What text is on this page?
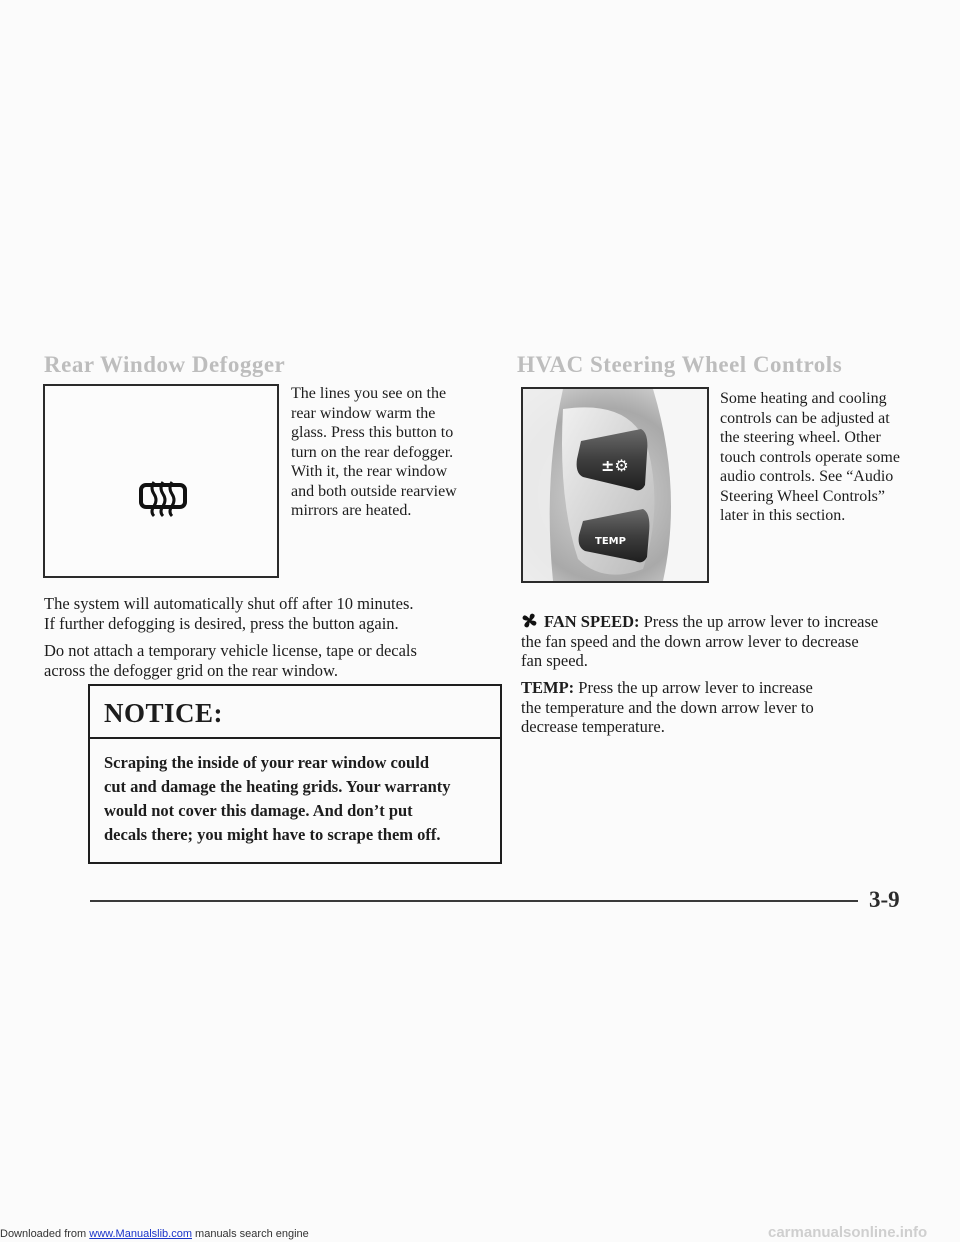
Rear Window Defogger
The lines you see on the
rear window warm the
glass. Press this button to
turn on the rear defogger.
With it, the rear window
and both outside rearview
mirrors are heated.
The system will automatically shut off after 10 minutes.
If further defogging is desired, press the button again.
Do not attach a temporary vehicle license, tape or decals
across the defogger grid on the rear window.
NOTICE:
Scraping the inside of your rear window could
cut and damage the heating grids. Your warranty
would not cover this damage. And don’t put
decals there; you might have to scrape them off.
HVAC Steering Wheel Controls
±⚙
TEMP
Some heating and cooling
controls can be adjusted at
the steering wheel. Other
touch controls operate some
audio controls. See “Audio
Steering Wheel Controls”
later in this section.
FAN SPEED: Press the up arrow lever to increase
the fan speed and the down arrow lever to decrease
fan speed.
TEMP: Press the up arrow lever to increase
the temperature and the down arrow lever to
decrease temperature.
3-9
Downloaded from www.Manualslib.com manuals search engine	carmanualsonline.info
